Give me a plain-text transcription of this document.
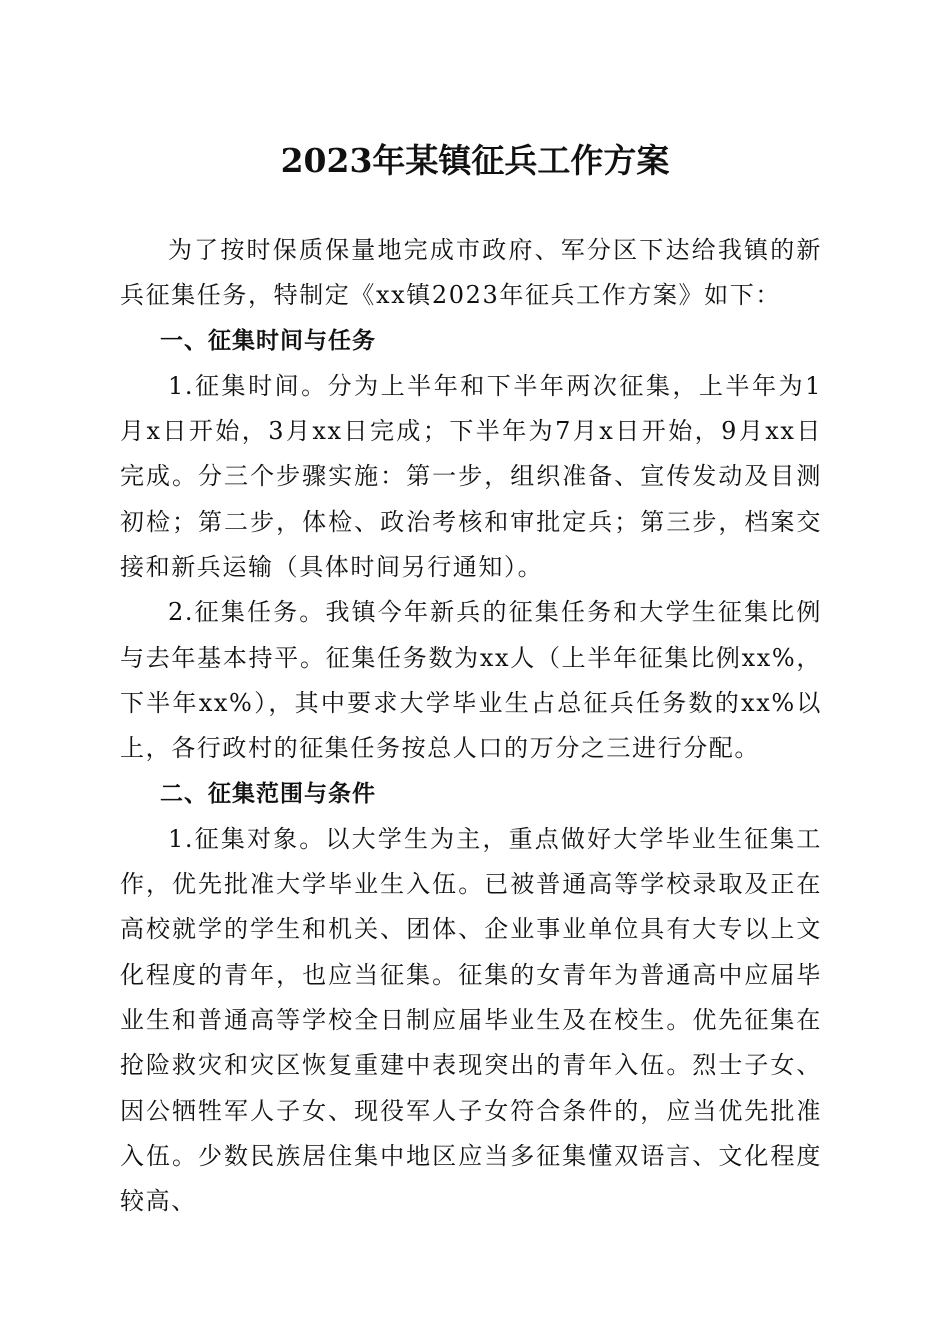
2023年某镇征兵工作方案

为了按时保质保量地完成市政府、军分区下达给我镇的新兵征集任务，特制定《xx镇2023年征兵工作方案》如下：

一、征集时间与任务

1.征集时间。分为上半年和下半年两次征集，上半年为1月x日开始，3月xx日完成；下半年为7月x日开始，9月xx日完成。分三个步骤实施：第一步，组织准备、宣传发动及目测初检；第二步，体检、政治考核和审批定兵；第三步，档案交接和新兵运输（具体时间另行通知）。

2.征集任务。我镇今年新兵的征集任务和大学生征集比例与去年基本持平。征集任务数为xx人（上半年征集比例xx%，下半年xx%），其中要求大学毕业生占总征兵任务数的xx%以上，各行政村的征集任务按总人口的万分之三进行分配。

二、征集范围与条件

1.征集对象。以大学生为主，重点做好大学毕业生征集工作，优先批准大学毕业生入伍。已被普通高等学校录取及正在高校就学的学生和机关、团体、企业事业单位具有大专以上文化程度的青年，也应当征集。征集的女青年为普通高中应届毕业生和普通高等学校全日制应届毕业生及在校生。优先征集在抢险救灾和灾区恢复重建中表现突出的青年入伍。烈士子女、因公牺牲军人子女、现役军人子女符合条件的，应当优先批准入伍。少数民族居住集中地区应当多征集懂双语言、文化程度较高、
